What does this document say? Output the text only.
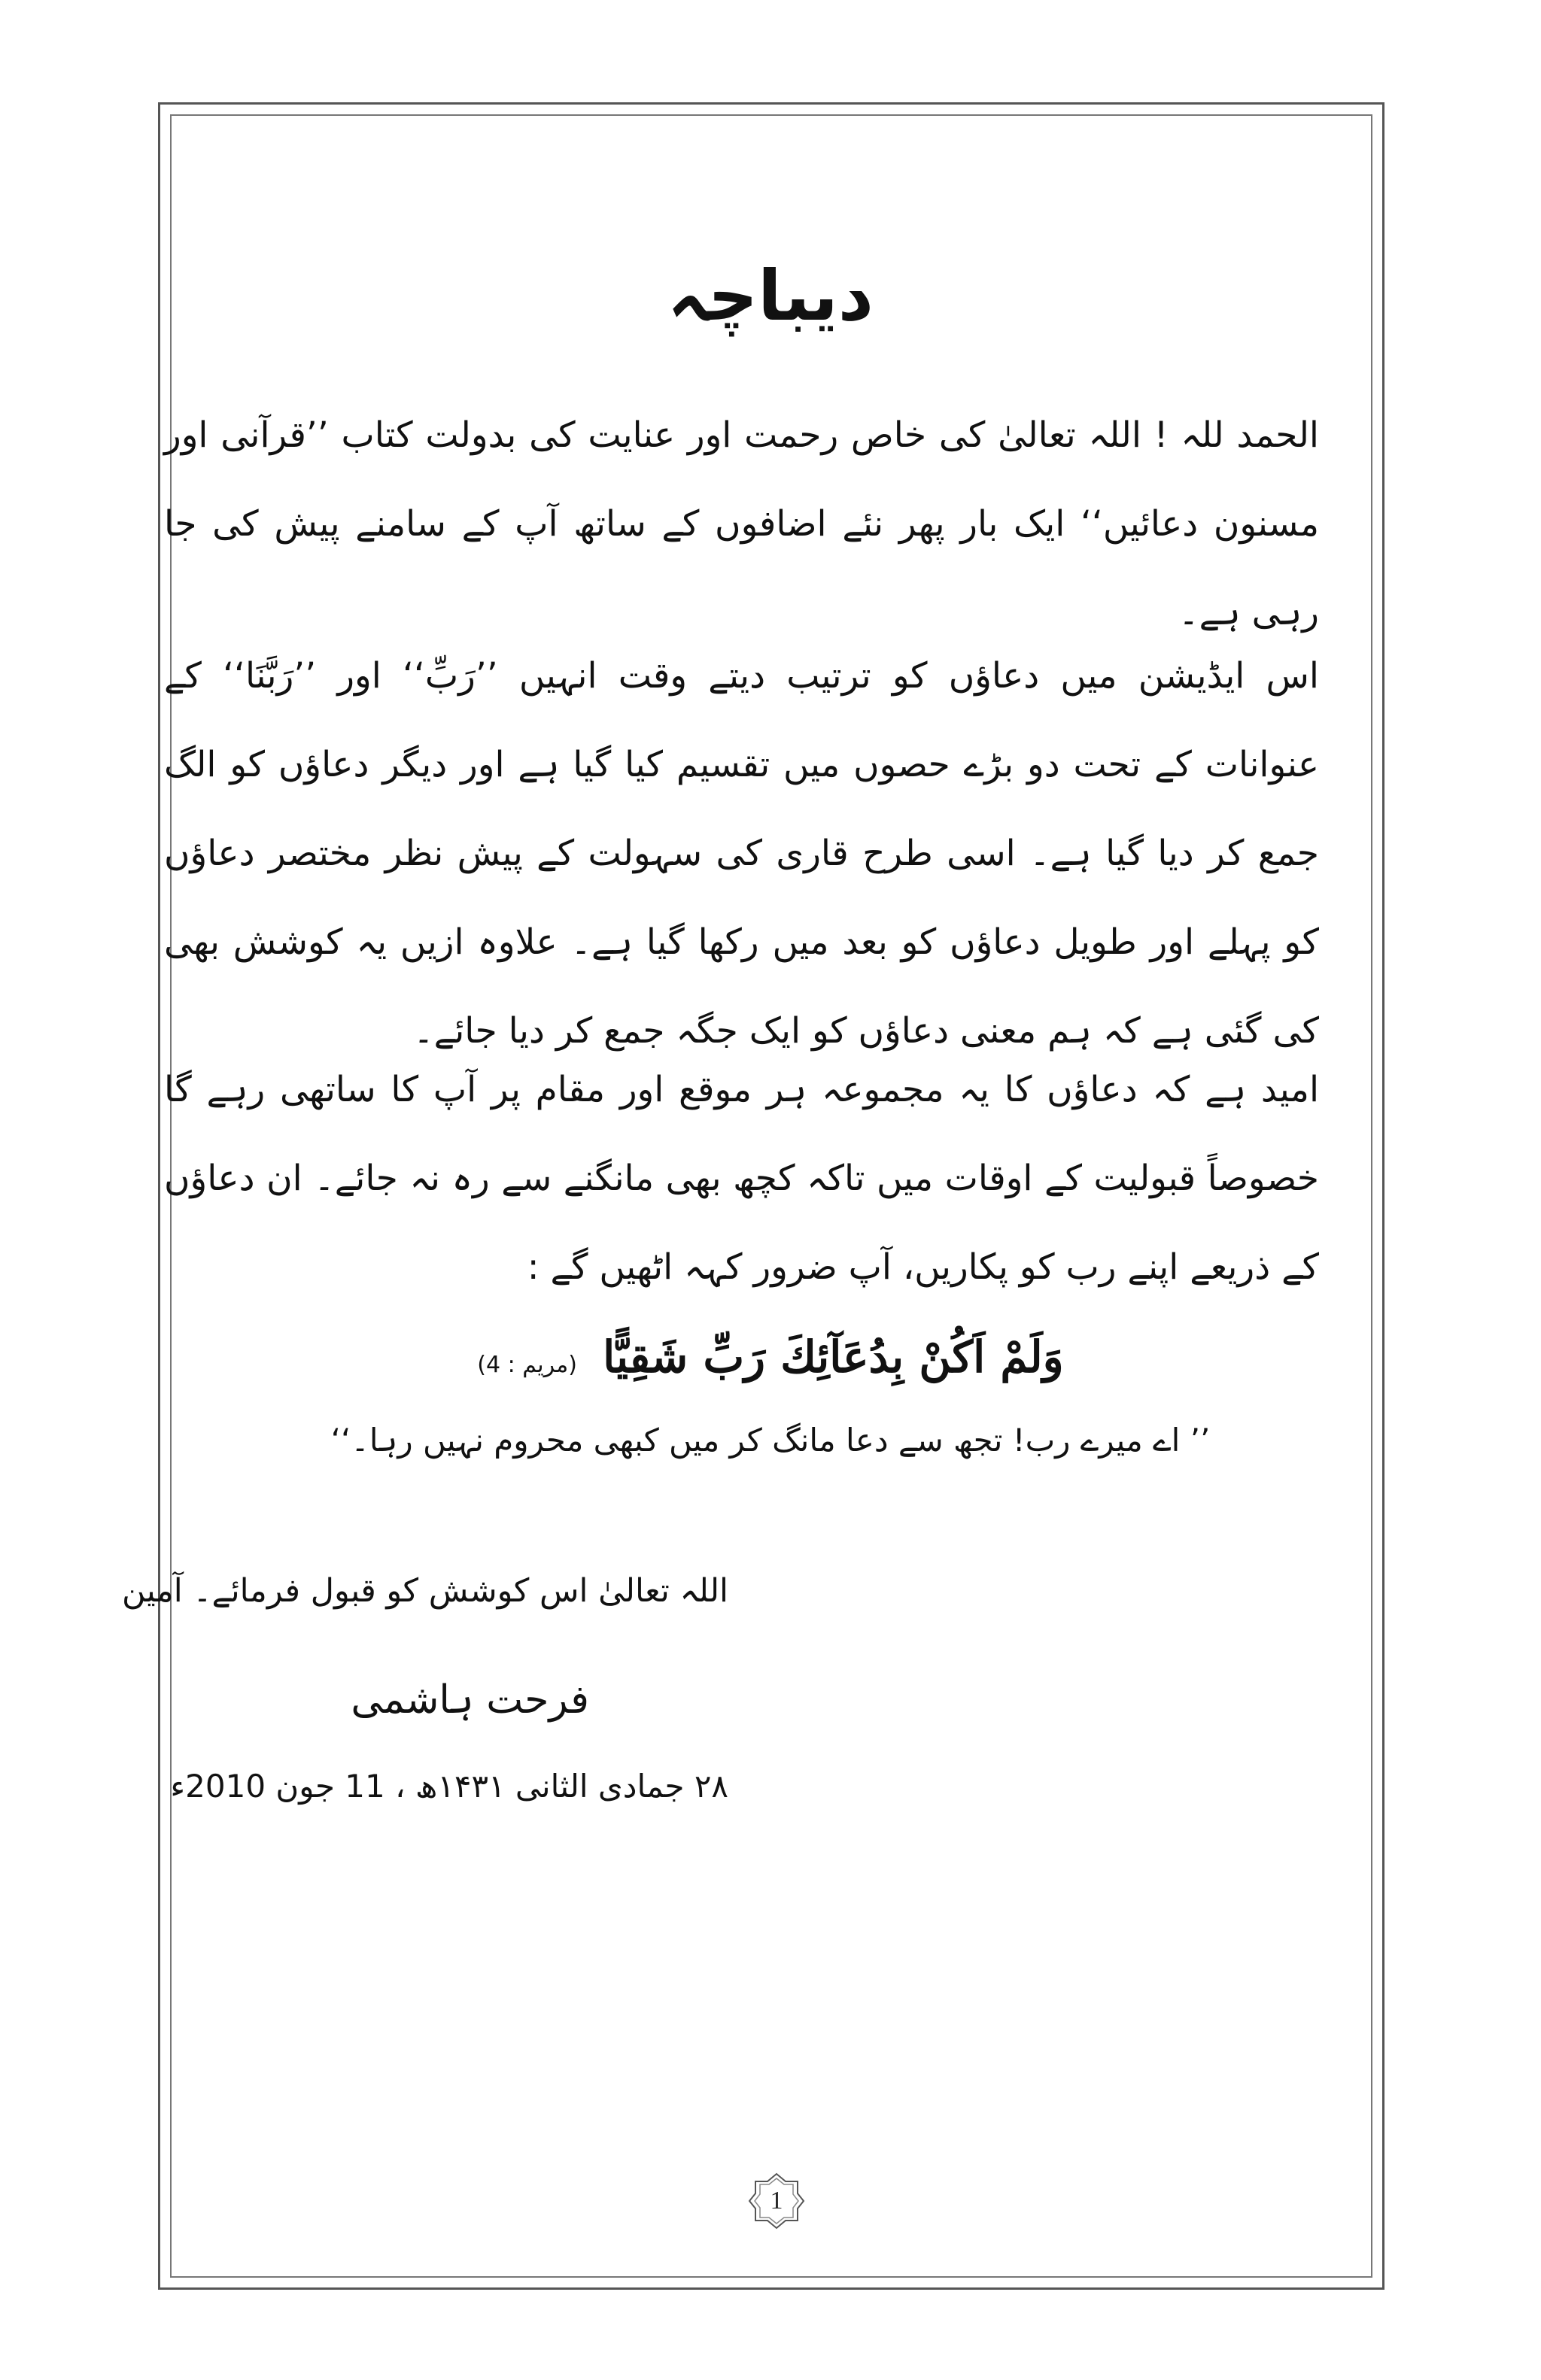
دیباچہ
الحمد للہ ! اللہ تعالیٰ کی خاص رحمت اور عنایت کی بدولت کتاب ’’قرآنی اور مسنون دعائیں‘‘ ایک بار پھر نئے اضافوں کے ساتھ آپ کے سامنے پیش کی جا رہی ہے۔
اس ایڈیشن میں دعاؤں کو ترتیب دیتے وقت انہیں ’’رَبِّ‘‘ اور ’’رَبَّنَا‘‘ کے عنوانات کے تحت دو بڑے حصوں میں تقسیم کیا گیا ہے اور دیگر دعاؤں کو الگ جمع کر دیا گیا ہے۔ اسی طرح قاری کی سہولت کے پیش نظر مختصر دعاؤں کو پہلے اور طویل دعاؤں کو بعد میں رکھا گیا ہے۔ علاوہ ازیں یہ کوشش بھی کی گئی ہے کہ ہم معنی دعاؤں کو ایک جگہ جمع کر دیا جائے۔
امید ہے کہ دعاؤں کا یہ مجموعہ ہر موقع اور مقام پر آپ کا ساتھی رہے گا خصوصاً قبولیت کے اوقات میں تاکہ کچھ بھی مانگنے سے رہ نہ جائے۔ ان دعاؤں کے ذریعے اپنے رب کو پکاریں، آپ ضرور کہہ اٹھیں گے :
وَلَمْ اَكُنْ بِدُعَآئِكَ رَبِّ شَقِيًّا (مریم : 4)
’’ اے میرے رب! تجھ سے دعا مانگ کر میں کبھی محروم نہیں رہا۔‘‘
اللہ تعالیٰ اس کوشش کو قبول فرمائے۔ آمین
فرحت ہاشمی
۲۸ جمادی الثانی ۱۴۳۱ھ ، 11 جون 2010ء
1
